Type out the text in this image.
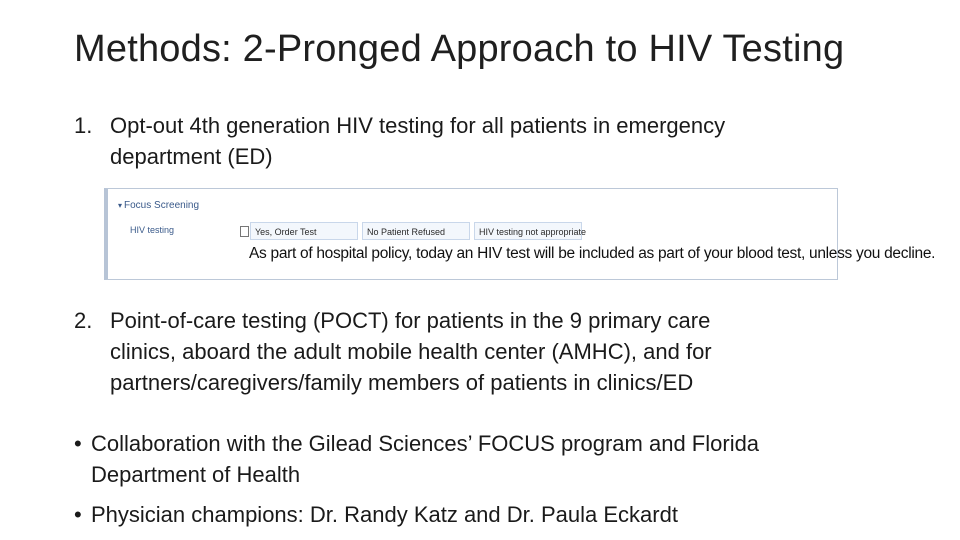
Methods: 2-Pronged Approach to HIV Testing
1. Opt-out 4th generation HIV testing for all patients in emergency
department (ED)
▾ Focus Screening
HIV testing	Yes, Order Test	No Patient Refused	HIV testing not appropriate
As part of hospital policy, today an HIV test will be included as part of your blood test, unless you decline.
2. Point-of-care testing (POCT) for patients in the 9 primary care
clinics, aboard the adult mobile health center (AMHC), and for
partners/caregivers/family members of patients in clinics/ED
• Collaboration with the Gilead Sciences’ FOCUS program and Florida
Department of Health
• Physician champions: Dr. Randy Katz and Dr. Paula Eckardt
